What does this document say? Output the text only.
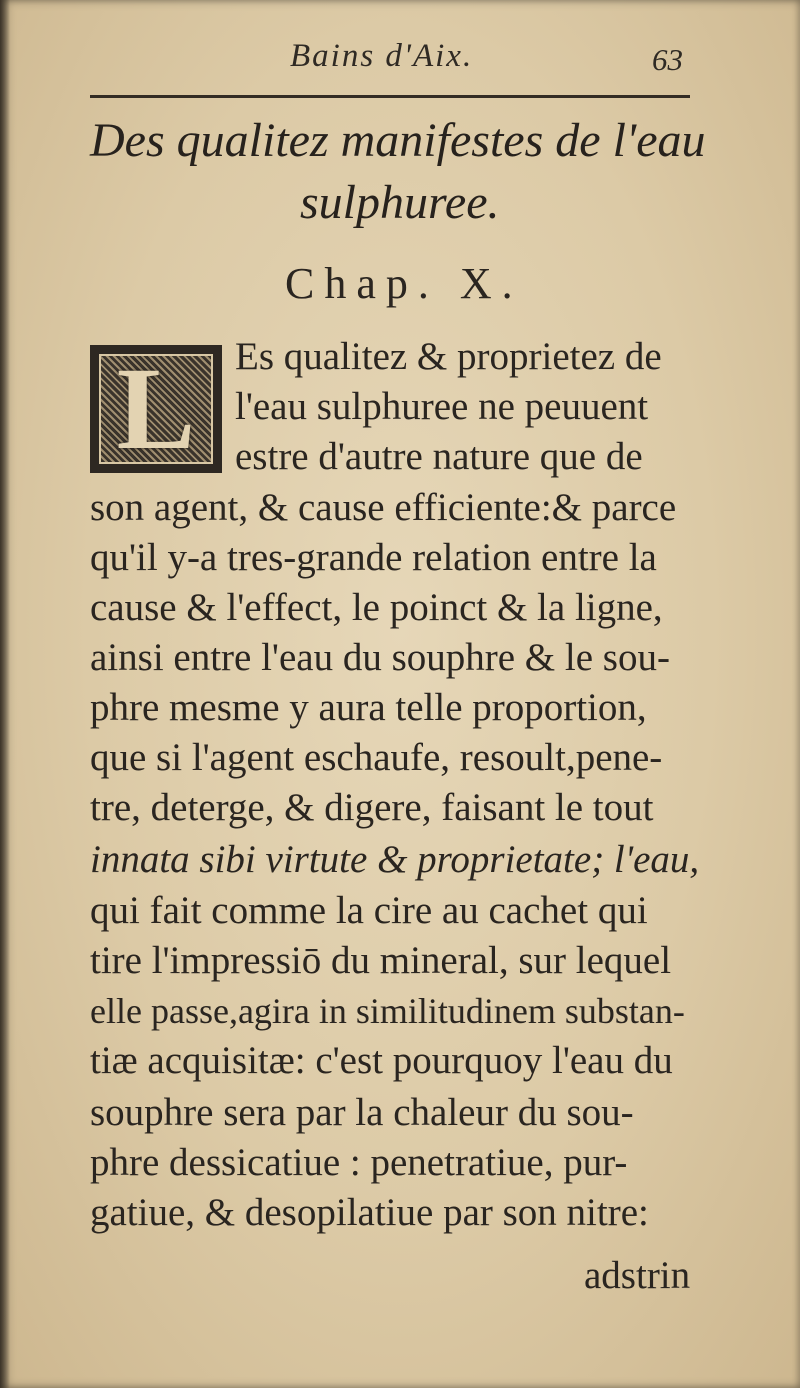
Bains d'Aix.	63
Des qualitez manifestes de l'eau
sulphuree.
Chap. X.
L	Es qualitez & proprietez de
l'eau sulphuree ne peuuent
estre d'autre nature que de
son agent, & cause efficiente:& parce
qu'il y-a tres-grande relation entre la
cause & l'effect, le poinct & la ligne,
ainsi entre l'eau du souphre & le sou-
phre mesme y aura telle proportion,
que si l'agent eschaufe, resoult,pene-
tre, deterge, & digere, faisant le tout
innata sibi virtute & proprietate; l'eau,
qui fait comme la cire au cachet qui
tire l'impressiō du mineral, sur lequel
elle passe,agira in similitudinem substan-
tiæ acquisitæ: c'est pourquoy l'eau du
souphre sera par la chaleur du sou-
phre dessicatiue : penetratiue, pur-
gatiue, & desopilatiue par son nitre:
adstrin
